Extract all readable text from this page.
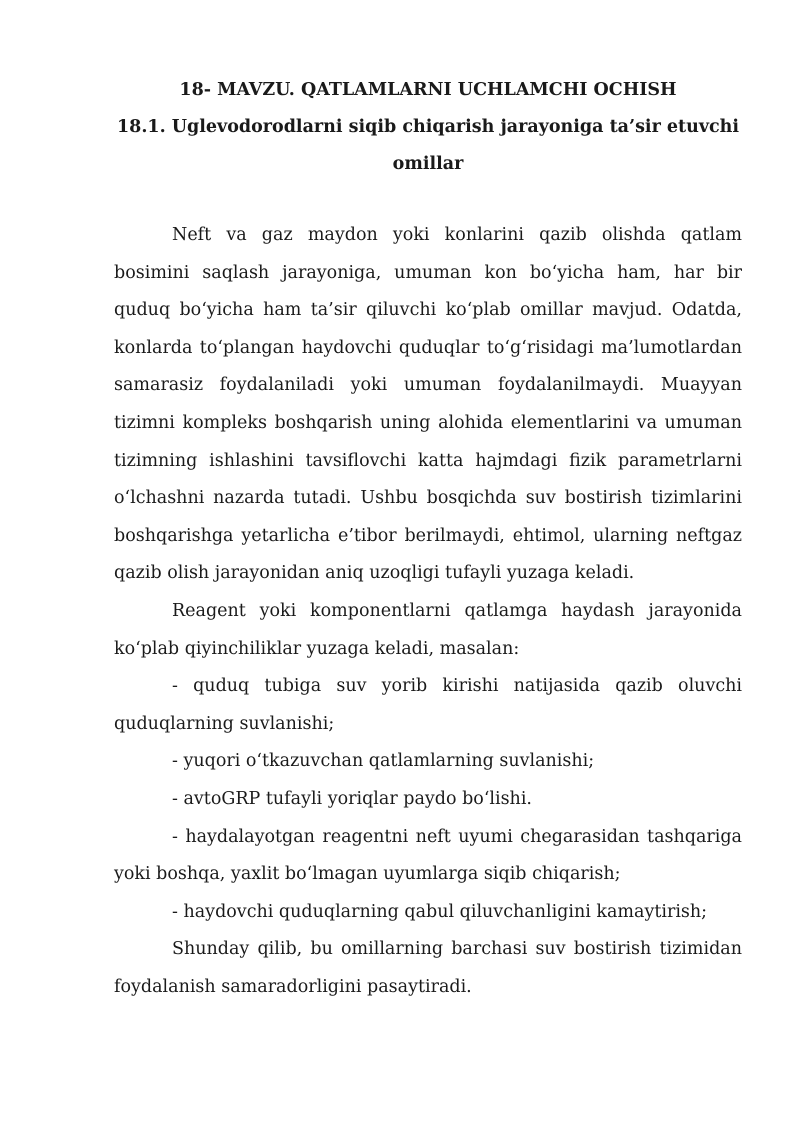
18- MAVZU. QATLAMLARNI UCHLAMCHI OCHISH
18.1. Uglevodorodlarni siqib chiqarish jarayoniga ta’sir etuvchi omillar

Neft va gaz maydon yoki konlarini qazib olishda qatlam bosimini saqlash jarayoniga, umuman kon bo‘yicha ham, har bir quduq bo‘yicha ham ta’sir qiluvchi ko‘plab omillar mavjud. Odatda, konlarda to‘plangan haydovchi quduqlar to‘g‘risidagi ma’lumotlardan samarasiz foydalaniladi yoki umuman foydalanilmaydi. Muayyan tizimni kompleks boshqarish uning alohida elementlarini va umuman tizimning ishlashini tavsiflovchi katta hajmdagi fizik parametrlarni o‘lchashni nazarda tutadi. Ushbu bosqichda suv bostirish tizimlarini boshqarishga yetarlicha e’tibor berilmaydi, ehtimol, ularning neftgaz qazib olish jarayonidan aniq uzoqligi tufayli yuzaga keladi.

Reagent yoki komponentlarni qatlamga haydash jarayonida ko‘plab qiyinchiliklar yuzaga keladi, masalan:

- quduq tubiga suv yorib kirishi natijasida qazib oluvchi quduqlarning suvlanishi;

- yuqori o‘tkazuvchan qatlamlarning suvlanishi;

- avtoGRP tufayli yoriqlar paydo bo‘lishi.

- haydalayotgan reagentni neft uyumi chegarasidan tashqariga yoki boshqa, yaxlit bo‘lmagan uyumlarga siqib chiqarish;

- haydovchi quduqlarning qabul qiluvchanligini kamaytirish;

Shunday qilib, bu omillarning barchasi suv bostirish tizimidan foydalanish samaradorligini pasaytiradi.
